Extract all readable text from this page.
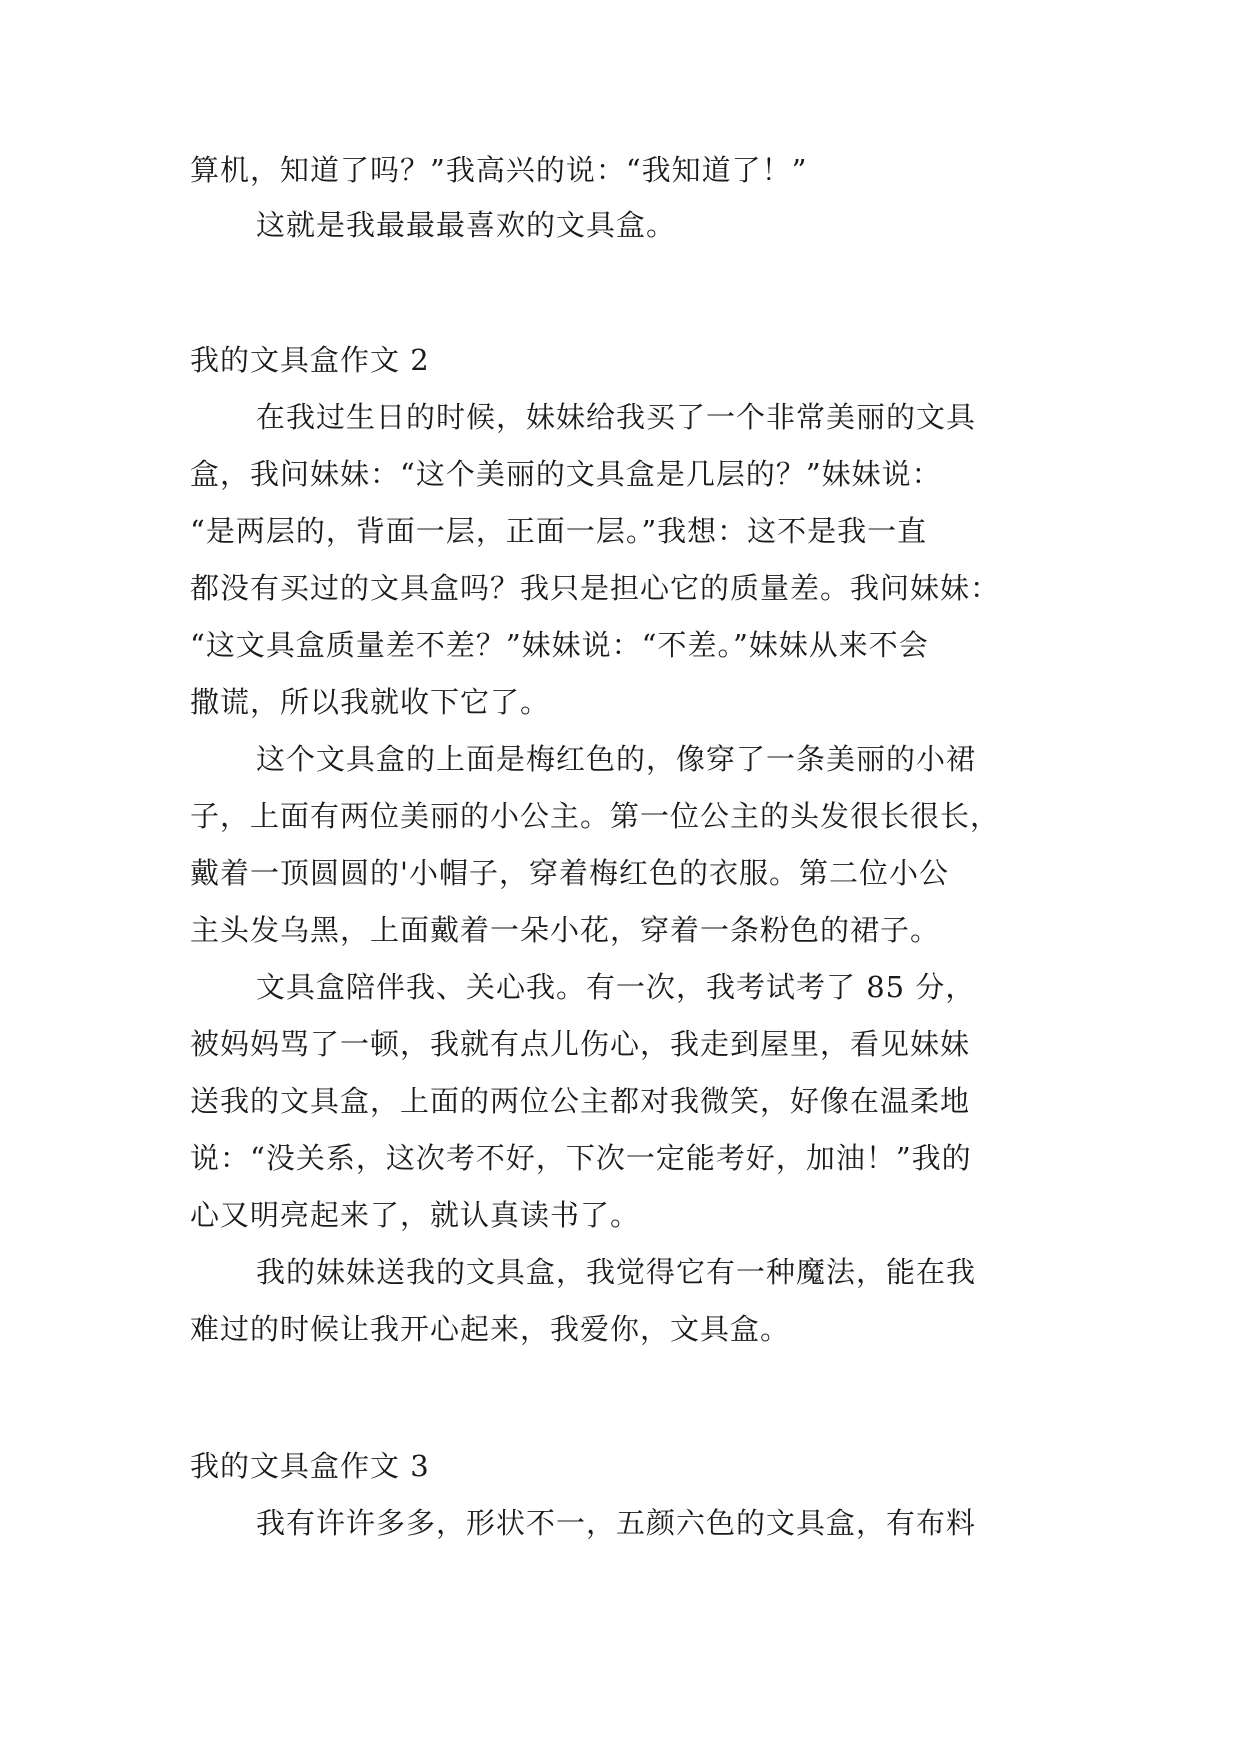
算机，知道了吗？”我高兴的说：“我知道了！”
这就是我最最最喜欢的文具盒。
我的文具盒作文 2
在我过生日的时候，妹妹给我买了一个非常美丽的文具
盒，我问妹妹：“这个美丽的文具盒是几层的？”妹妹说：
“是两层的，背面一层，正面一层。”我想：这不是我一直
都没有买过的文具盒吗？我只是担心它的质量差。我问妹妹：
“这文具盒质量差不差？”妹妹说：“不差。”妹妹从来不会
撒谎，所以我就收下它了。
这个文具盒的上面是梅红色的，像穿了一条美丽的小裙
子，上面有两位美丽的小公主。第一位公主的头发很长很长，
戴着一顶圆圆的'小帽子，穿着梅红色的衣服。第二位小公
主头发乌黑，上面戴着一朵小花，穿着一条粉色的裙子。
文具盒陪伴我、关心我。有一次，我考试考了 85 分，
被妈妈骂了一顿，我就有点儿伤心，我走到屋里，看见妹妹
送我的文具盒，上面的两位公主都对我微笑，好像在温柔地
说：“没关系，这次考不好，下次一定能考好，加油！”我的
心又明亮起来了，就认真读书了。
我的妹妹送我的文具盒，我觉得它有一种魔法，能在我
难过的时候让我开心起来，我爱你，文具盒。
我的文具盒作文 3
我有许许多多，形状不一，五颜六色的文具盒，有布料
